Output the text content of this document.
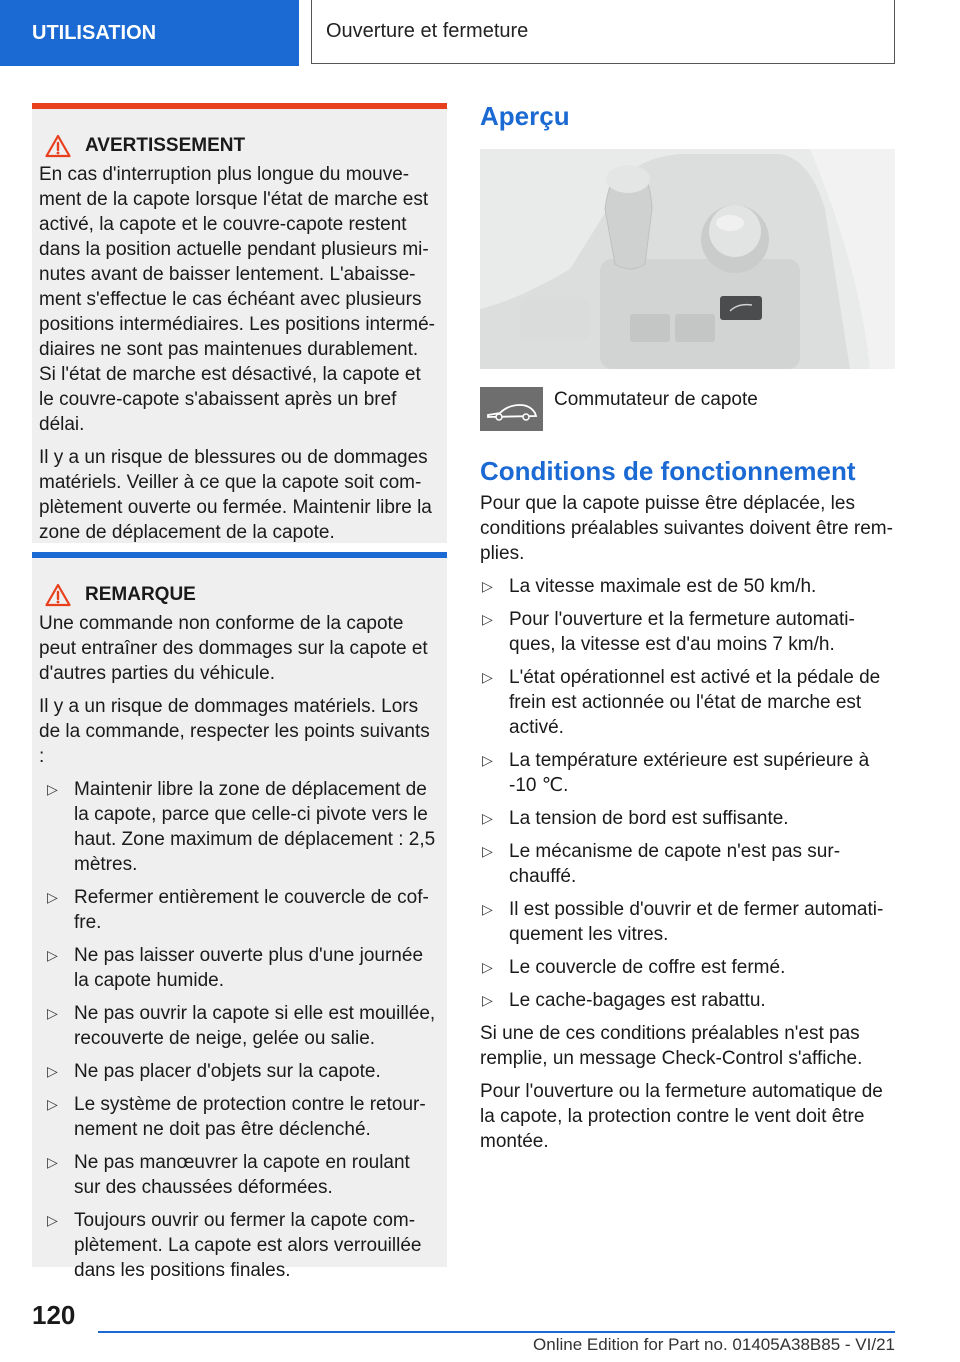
UTILISATION	Ouverture et fermeture
AVERTISSEMENT

En cas d'interruption plus longue du mouve-ment de la capote lorsque l'état de marche est activé, la capote et le couvre-capote restent dans la position actuelle pendant plusieurs mi-nutes avant de baisser lentement. L'abaisse-ment s'effectue le cas échéant avec plusieurs positions intermédiaires. Les positions intermé-diaires ne sont pas maintenues durablement. Si l'état de marche est désactivé, la capote et le couvre-capote s'abaissent après un bref délai.

Il y a un risque de blessures ou de dommages matériels. Veiller à ce que la capote soit com-plètement ouverte ou fermée. Maintenir libre la zone de déplacement de la capote.

REMARQUE

Une commande non conforme de la capote peut entraîner des dommages sur la capote et d'autres parties du véhicule.

Il y a un risque de dommages matériels. Lors de la commande, respecter les points suivants :

▷ Maintenir libre la zone de déplacement de la capote, parce que celle-ci pivote vers le haut. Zone maximum de déplacement : 2,5 mètres.
▷ Refermer entièrement le couvercle de cof-fre.
▷ Ne pas laisser ouverte plus d'une journée la capote humide.
▷ Ne pas ouvrir la capote si elle est mouillée, recouverte de neige, gelée ou salie.
▷ Ne pas placer d'objets sur la capote.
▷ Le système de protection contre le retour-nement ne doit pas être déclenché.
▷ Ne pas manœuvrer la capote en roulant sur des chaussées déformées.
▷ Toujours ouvrir ou fermer la capote com-plètement. La capote est alors verrouillée dans les positions finales.
Aperçu
Commutateur de capote
Conditions de fonctionnement

Pour que la capote puisse être déplacée, les conditions préalables suivantes doivent être rem-plies.

▷ La vitesse maximale est de 50 km/h.
▷ Pour l'ouverture et la fermeture automati-ques, la vitesse est d'au moins 7 km/h.
▷ L'état opérationnel est activé et la pédale de frein est actionnée ou l'état de marche est activé.
▷ La température extérieure est supérieure à -10 ℃.
▷ La tension de bord est suffisante.
▷ Le mécanisme de capote n'est pas sur-chauffé.
▷ Il est possible d'ouvrir et de fermer automati-quement les vitres.
▷ Le couvercle de coffre est fermé.
▷ Le cache-bagages est rabattu.

Si une de ces conditions préalables n'est pas remplie, un message Check-Control s'affiche.

Pour l'ouverture ou la fermeture automatique de la capote, la protection contre le vent doit être montée.

120
Online Edition for Part no. 01405A38B85 - VI/21
